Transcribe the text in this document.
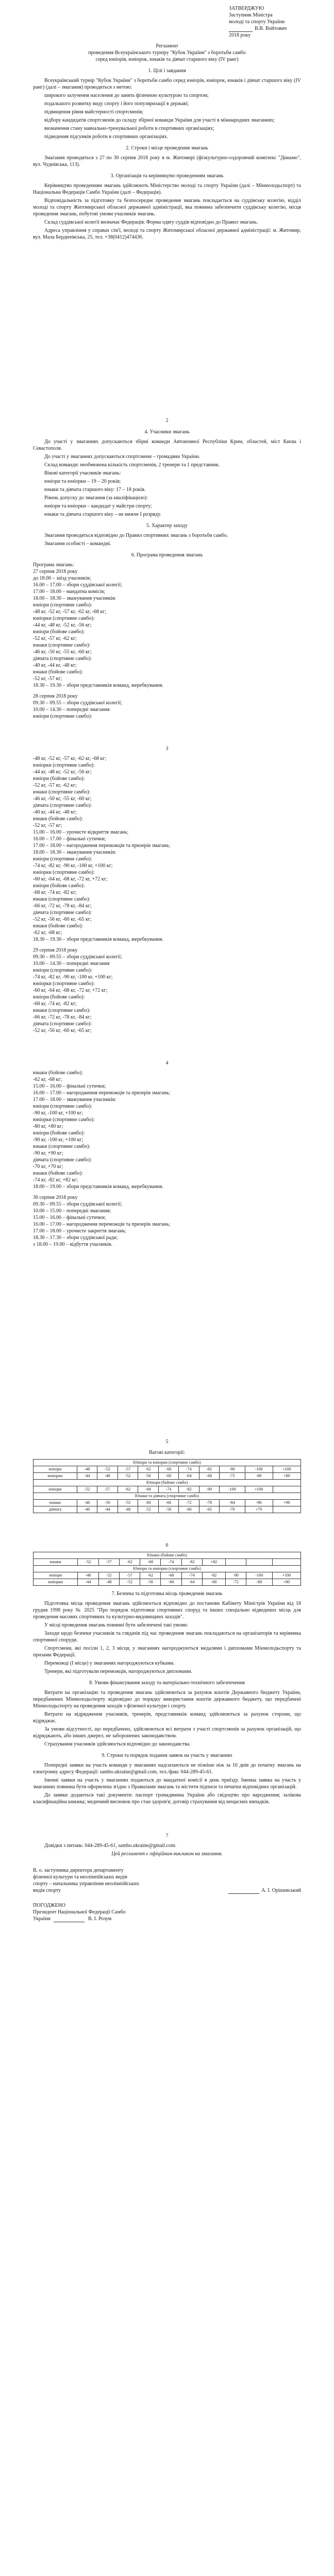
ЗАТВЕРДЖУЮ
Заступник Міністра
молоді та спорту України
В.В. Войтович
2018 року
Регламент
проведення Всеукраїнського турніру "Кубок України" з боротьби самбо
серед юніорів, юніорок, юнаків та дівчат старшого віку (IV ранг)
1. Цілі і завдання

Всеукраїнський турнір "Кубок України" з боротьби самбо серед юніорів, юніорок, юнаків і дівчат старшого віку (IV ранг) (далі – змагання) проводиться з метою:

широкого залучення населення до занять фізичною культурою та спортом;

подальшого розвитку виду спорту і його популяризації в державі;

підвищення рівня майстерності спортсменів;

відбору кандидатів спортсменів до складу збірної команди України для участі в міжнародних змаганнях;

визначення стану навчально-тренувальної роботи в спортивних організаціях;

підведення підсумків роботи в спортивних організаціях.

2. Строки і місце проведення змагань

Змагання проводяться з 27 по 30 серпня 2018 року в м. Житомирі (фізкультурно-оздоровчий комплекс "Динамо", вул. Чуднівська, 113).

3. Організація та керівництво проведенням змагань

Керівництво проведенням змагань здійснюють Міністерство молоді та спорту України (далі – Мінмолодьспорт) та Національна Федерація Самбо України (далі – Федерація).

Відповідальність за підготовку та безпосереднє проведення змагань покладається на суддівську колегію, відділ молоді та спорту Житомирської обласної державної адміністрації, яка повинна забезпечити суддівську колегію, місця проведення змагань, побутові умови учасників змагань.

Склад суддівської колегії визначає Федерація. Форма одягу суддів відповідно до Правил змагань.

Адреса управління у справах сім'ї, молоді та спорту Житомирської обласної державної адміністрації: м. Житомир, вул. Мала Бердичівська, 25, тел. +38(0412)474436.

2
4. Учасники змагань

До участі у змаганнях допускаються збірні команди Автономної Республіки Крим, областей, міст Києва і Севастополя.

До участі у змаганнях допускаються спортсмени – громадяни України.

Склад команди: необмежена кількість спортсменів, 2 тренери та 1 представник.

Вікові категорії учасників змагань:

юніори та юніорки – 19 – 20 років;

юнаки та дівчата старшого віку: 17 – 18 років.

Рівень допуску до змагання (за кваліфікацією):

юніори та юніорки – кандидат у майстри спорту;

юнаки та дівчата старшого віку – не нижче I розряду.

5. Характер заходу

Змагання проводяться відповідно до Правил спортивних змагань з боротьби самбо.

Змагання особисті – командні.

6. Програма проведення змагань
Програма змагань:
27 серпня 2018 року
до 18.00 – заїзд учасників;
16.00 – 17.00 – збори суддівської колегії;
17.00 – 18.00 – мандатна комісія;
18.00 – 18.30 – зважування учасників:
юніори (спортивне самбо):
-48 кг, -52 кг, -57 кг, -62 кг, -68 кг;
юніорки (спортивне самбо):
-44 кг, -48 кг, -52 кг, -56 кг;
юніори (бойове самбо):
-52 кг, -57 кг, -62 кг;
юнаки (спортивне самбо):
-46 кг, -50 кг, -55 кг, -60 кг;
дівчата (спортивне самбо):
-40 кг, -44 кг, -48 кг;
юнаки (бойове самбо):
-52 кг, -57 кг;
18.30 – 19.30 – збори представників команд, жеребкування.
28 серпня 2018 року
09.30 – 09.55 – збори суддівської колегії;
10.00 – 14.30 – попередні змагання
юніори (спортивне самбо):
3
-48 кг, -52 кг, -57 кг, -62 кг, -68 кг;
юніорки (спортивне самбо):
-44 кг, -48 кг, -52 кг, -56 кг;
юніори (бойове самбо):
-52 кг, -57 кг, -62 кг;
юнаки (спортивне самбо):
-46 кг, -50 кг, -55 кг, -60 кг;
дівчата (спортивне самбо):
-40 кг, -44 кг, -48 кг;
юнаки (бойове самбо):
-52 кг, -57 кг;
15.00 – 16.00 – урочисте відкриття змагань;
16.00 – 17.00 – фінальні сутички;
17.00 – 18.00 – нагородження переможців та призерів змагань;
18.00 – 18.30 – зважування учасників:
юніори (спортивне самбо):
-74 кг, -82 кг, -90 кг, -100 кг, +100 кг;
юніорки (спортивне самбо):
-60 кг, -64 кг, -68 кг, -72 кг, +72 кг;
юніори (бойове самбо):
-68 кг, -74 кг, -82 кг;
юнаки (спортивне самбо):
-66 кг, -72 кг, -78 кг, -84 кг;
дівчата (спортивне самбо):
-52 кг, -56 кг, -60 кг, -65 кг;
юнаки (бойове самбо):
-62 кг, -68 кг;
18.30 – 19.30 – збори представників команд, жеребкування.
29 серпня 2018 року
09.30 – 09.55 – збори суддівської колегії;
10.00 – 14.30 – попередні змагання
юніори (спортивне самбо):
-74 кг, -82 кг, -90 кг, -100 кг, +100 кг;
юніорки (спортивне самбо):
-60 кг, -64 кг, -68 кг, -72 кг, +72 кг;
юніори (бойове самбо):
-68 кг, -74 кг, -82 кг;
юнаки (спортивне самбо):
-66 кг, -72 кг, -78 кг, -84 кг;
дівчата (спортивне самбо):
-52 кг, -56 кг, -60 кг, -65 кг;
4
юнаки (бойове самбо):
-62 кг, -68 кг;
15.00 – 16.00 – фінальні сутички;
16.00 – 17.00 – нагородження переможців та призерів змагань;
17.00 – 18.00 – зважування учасників:
юніори (спортивне самбо):
-90 кг, -100 кг, +100 кг;
юніорки (спортивне самбо):
-80 кг, +80 кг;
юніори (бойове самбо):
-90 кг, -100 кг, +100 кг;
юнаки (спортивне самбо):
-90 кг, +90 кг;
дівчата (спортивне самбо):
-70 кг, +70 кг;
юнаки (бойове самбо):
-74 кг, -82 кг, +82 кг;
18.00 – 19.00 – збори представників команд, жеребкування.
30 серпня 2018 року
09.30 – 09.55 – збори суддівської колегії;
10.00 – 15.00 – попередні змагання;
15.00 – 16.00 – фінальні сутички;
16.00 – 17.00 – нагородження переможців та призерів змагань;
17.00 – 18.00 – урочисте закриття змагань;
18.30 – 17.30 – збори суддівської ради;
з 18.00 – 19.00 – відбуття учасників.
5
Вагові категорії:
Юніори та юніорки (спортивне самбо)										
юніори	-48	-52	-57	-62	-68	-74	-82	-90	-100	+100
юніорки	-44	-48	-52	-56	-60	-64	-68	-72	-80	+80
Юніори (бойове самбо)										
юніори	-52	-57	-62	-68	-74	-82	-90	-100	+100	
Юнаки та дівчата (спортивне самбо)										
юнаки	-46	-50	-55	-60	-66	-72	-78	-84	-90	+90
дівчата	-40	-44	-48	-52	-56	-60	-65	-70	+70	
6
Юнаки (бойове самбо)										
юнаки	-52	-57	-62	-68	-74	-82	+82			
Юніори та юніорки (спортивне самбо)										
юніори	-48	-52	-57	-62	-68	-74	-82	-90	-100	+100
юніорки	-44	-48	-52	-56	-60	-64	-68	-72	-80	+80
7. Безпека та підготовка місць проведення змагань

Підготовка місць проведення змагань здійснюється відповідно до постанови Кабінету Міністрів України від 18 грудня 1998 року № 2025 "Про порядок підготовки спортивних споруд та інших спеціально відведених місць для проведення масових спортивних та культурно-видовищних заходів".

У місці проведення змагань повинні бути забезпечені такі умови:

Заходи щодо безпеки учасників та глядачів під час проведення змагань покладаються на організаторів та керівника спортивної споруди.

Спортсмени, які посіли 1, 2, 3 місця, у змаганнях нагороджуються медалями і дипломами Мінмолодьспорту та призами Федерації.

Переможці (І місце) у змаганнях нагороджуються кубками.

Тренери, які підготували переможців, нагороджуються дипломами.

8. Умови фінансування заходу та матеріально-технічного забезпечення

Витрати на організацію та проведення змагань здійснюються за рахунок коштів Державного бюджету України, передбачених Мінмолодьспорту відповідно до порядку використання коштів державного бюджету, що передбачені Мінмолодьспорту на проведення заходів з фізичної культури і спорту.

Витрати на відрядження учасників, тренерів, представників команд здійснюються за рахунок сторони, що відряджає.

За умови відсутності, що передбачено, здійснюються всі витрати з участі спортсменів за рахунок організацій, що відряджають, або інших джерел, не заборонених законодавством.

Страхування учасників здійснюється відповідно до законодавства.

9. Строки та порядок подання заявок на участь у змаганнях

Попередні заявки на участь команди у змаганнях надсилаються не пізніше ніж за 10 днів до початку змагань на електронну адресу Федерації: sambo.ukraine@gmail.com, тел./факс 044-289-45-61.

Іменні заявки на участь у змаганнях подаються до мандатної комісії в день приїзду. Іменна заявка на участь у змаганнях повинна бути оформлена згідно з Правилами змагань та містити підписи та печатки відповідних організацій.

До заявки додаються такі документи: паспорт громадянина України або свідоцтво про народження; залікова класифікаційна книжка; медичний висновок про стан здоров'я; договір страхування від нещасних випадків.

7

Довідки з питань: 044-289-45-61, sambo.ukraine@gmail.com.

Цей регламент є офіційним викликом на змагання.

В. о. заступника директора департаменту
фізичної культури та неолімпійських видів
спорту – начальника управління неолімпійських
видів спорту	А. І. Орішевський
ПОГОДЖЕНО
Президент Національної Федерації Самбо
України	В. І. Розум
